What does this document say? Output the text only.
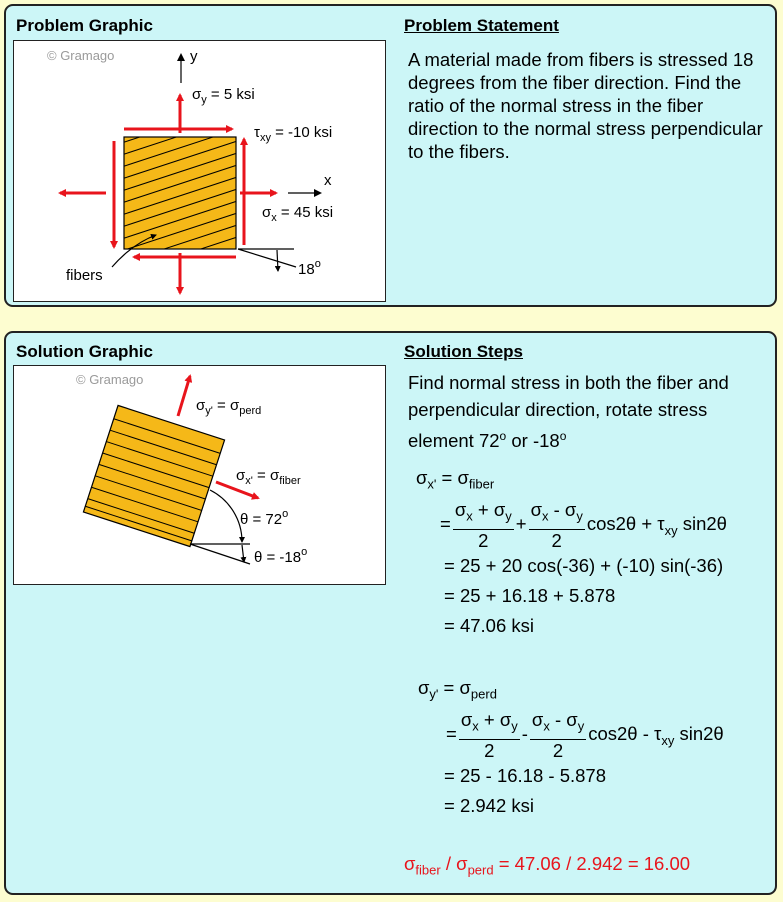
Problem Graphic	Problem Statement
© Gramago	y
$\sigma_y = 5$ ksi
$\tau_{xy} = -10$ ksi
x
$\sigma_x = 45$ ksi
fibers	18$^o$
A material made from fibers is stressed 18 degrees from the fiber direction. Find the ratio of the normal stress in the fiber direction to the normal stress perpendicular to the fibers.
Solution Graphic	Solution Steps
© Gramago
$\sigma_{y'} = \sigma_{perd}$
$\sigma_{x'} = \sigma_{fiber}$
$\theta = 72^o$
$\theta = -18^o$
Find normal stress in both the fiber and perpendicular direction, rotate stress element 72$^o$ or -18$^o$
$\sigma_{x'} = \sigma_{fiber}$
= $\frac{\sigma_x + \sigma_y}{2} + \frac{\sigma_x - \sigma_y}{2} \cos 2\theta + \tau_{xy}$ sin2θ
= 25 + 20 cos(-36) + (-10) sin(-36)
= 25 + 16.18 + 5.878
= 47.06 ksi
$\sigma_{y'} = \sigma_{perd}$
= $\frac{\sigma_x + \sigma_y}{2} - \frac{\sigma_x - \sigma_y}{2} \cos 2\theta - \tau_{xy}$ sin2θ
= 25 - 16.18 - 5.878
= 2.942 ksi
$\sigma_{fiber} / \sigma_{perd} = 47.06 / 2.942 = 16.00$
